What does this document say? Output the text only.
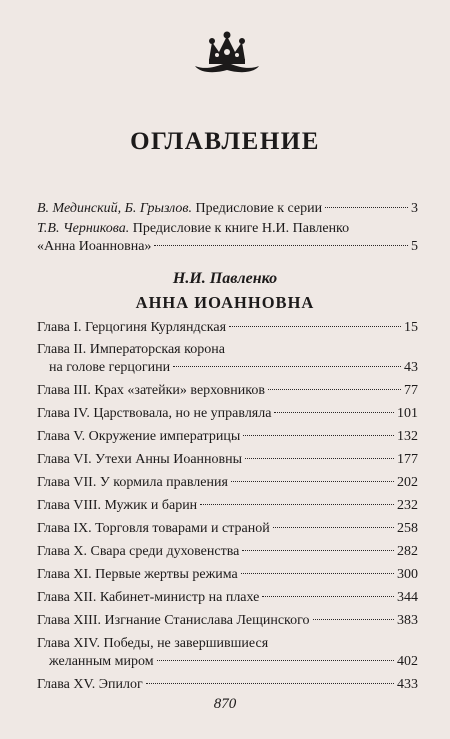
ОГЛАВЛЕНИЕ
В. Мединский, Б. Грызлов. Предисловие к серии	3
Т.В. Черникова. Предисловие к книге Н.И. Павленко
«Анна Иоанновна»	5
Н.И. Павленко
АННА ИОАННОВНА
Глава I. Герцогиня Курляндская	15
Глава II. Императорская корона
на голове герцогини	43
Глава III. Крах «затейки» верховников	77
Глава IV. Царствовала, но не управляла	101
Глава V. Окружение императрицы	132
Глава VI. Утехи Анны Иоанновны	177
Глава VII. У кормила правления	202
Глава VIII. Мужик и барин	232
Глава IX. Торговля товарами и страной	258
Глава X. Свара среди духовенства	282
Глава XI. Первые жертвы режима	300
Глава XII. Кабинет-министр на плахе	344
Глава XIII. Изгнание Станислава Лещинского	383
Глава XIV. Победы, не завершившиеся
желанным миром	402
Глава XV. Эпилог	433
870
